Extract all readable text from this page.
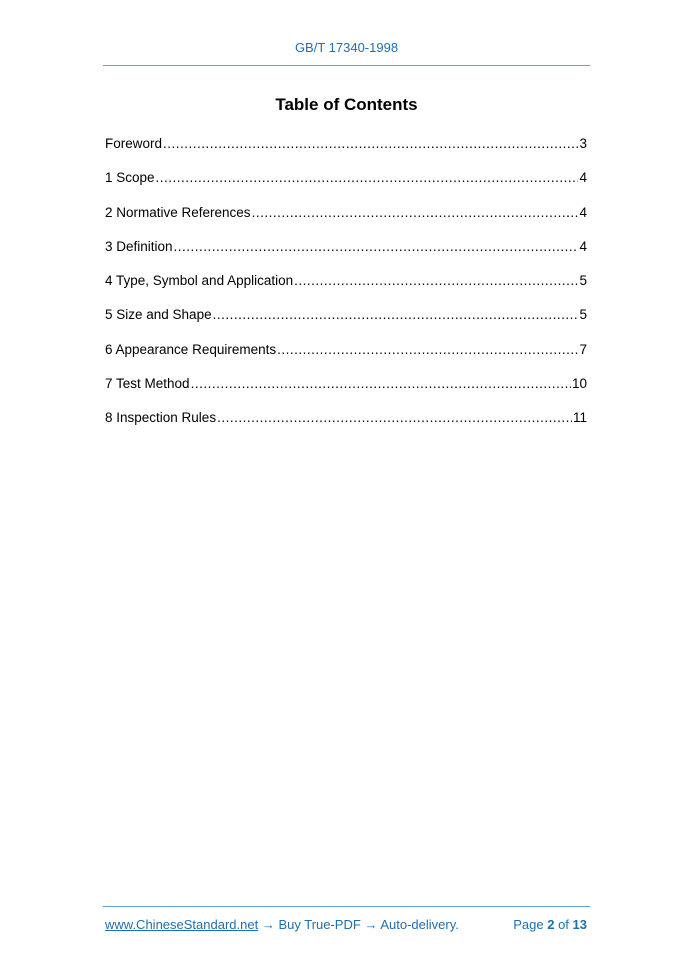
GB/T 17340-1998
Table of Contents
Foreword .....	3
1 Scope .....	4
2 Normative References .....	4
3 Definition .....	4
4 Type, Symbol and Application .....	5
5 Size and Shape .....	5
6 Appearance Requirements .....	7
7 Test Method .....	10
8 Inspection Rules .....	11
www.ChineseStandard.net → Buy True-PDF → Auto-delivery.	Page 2 of 13
